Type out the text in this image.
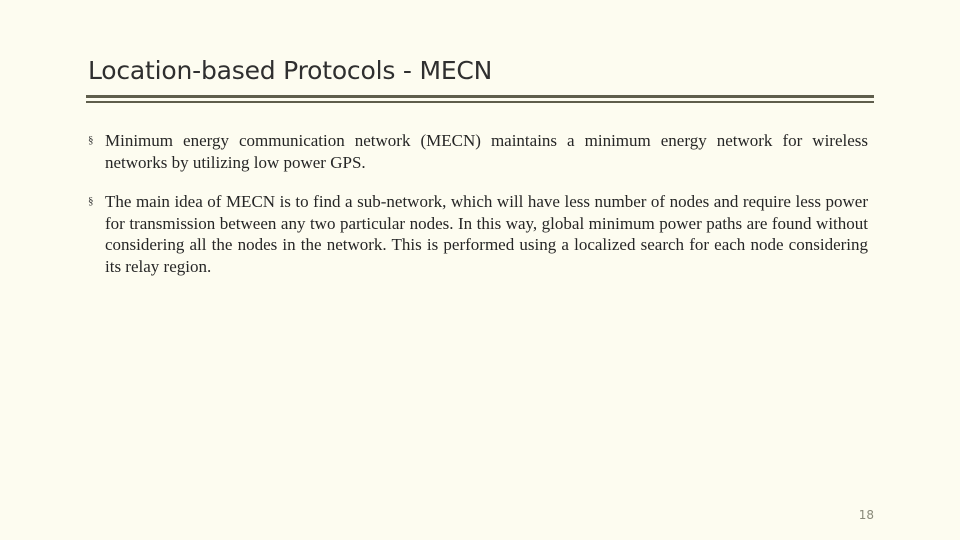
Location-based Protocols - MECN
§ Minimum energy communication network (MECN) maintains a minimum energy network for wireless networks by utilizing low power GPS.
§ The main idea of MECN is to find a sub-network, which will have less number of nodes and require less power for transmission between any two particular nodes. In this way, global minimum power paths are found without considering all the nodes in the network. This is performed using a localized search for each node considering its relay region.
18
